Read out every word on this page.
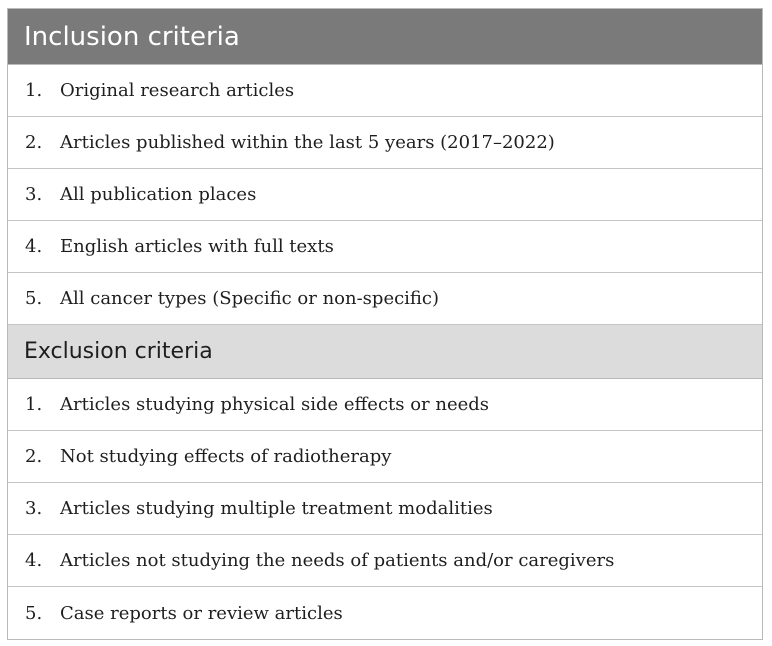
Inclusion criteria
1. Original research articles
2. Articles published within the last 5 years (2017–2022)
3. All publication places
4. English articles with full texts
5. All cancer types (Specific or non-specific)
Exclusion criteria
1. Articles studying physical side effects or needs
2. Not studying effects of radiotherapy
3. Articles studying multiple treatment modalities
4. Articles not studying the needs of patients and/or caregivers
5. Case reports or review articles
